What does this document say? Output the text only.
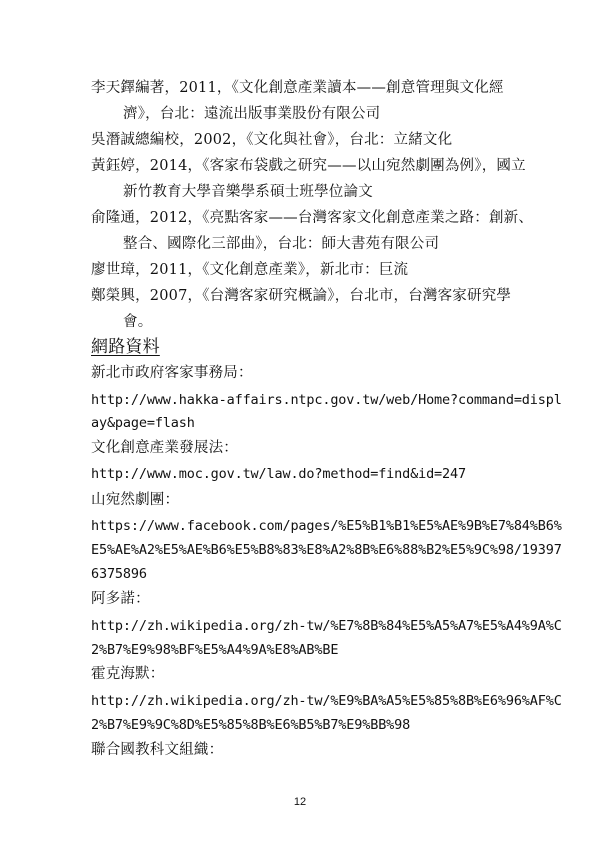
李天鐸編著，2011，《文化創意產業讀本——創意管理與文化經
濟》，台北：遠流出版事業股份有限公司
吳潛誠總編校，2002，《文化與社會》，台北：立緒文化
黃鈺婷，2014，《客家布袋戲之研究——以山宛然劇團為例》，國立
新竹教育大學音樂學系碩士班學位論文
俞隆通，2012，《亮點客家——台灣客家文化創意產業之路：創新、
整合、國際化三部曲》，台北：師大書苑有限公司
廖世璋，2011，《文化創意產業》，新北市：巨流
鄭榮興，2007，《台灣客家研究概論》，台北市，台灣客家研究學
會。
網路資料
新北市政府客家事務局：
http://www.hakka-affairs.ntpc.gov.tw/web/Home?command=displ
ay&page=flash
文化創意產業發展法：
http://www.moc.gov.tw/law.do?method=find&id=247
山宛然劇團：
https://www.facebook.com/pages/%E5%B1%B1%E5%AE%9B%E7%84%B6%
E5%AE%A2%E5%AE%B6%E5%B8%83%E8%A2%8B%E6%88%B2%E5%9C%98/19397
6375896
阿多諾：
http://zh.wikipedia.org/zh-tw/%E7%8B%84%E5%A5%A7%E5%A4%9A%C
2%B7%E9%98%BF%E5%A4%9A%E8%AB%BE
霍克海默：
http://zh.wikipedia.org/zh-tw/%E9%BA%A5%E5%85%8B%E6%96%AF%C
2%B7%E9%9C%8D%E5%85%8B%E6%B5%B7%E9%BB%98
聯合國教科文組織：
12
